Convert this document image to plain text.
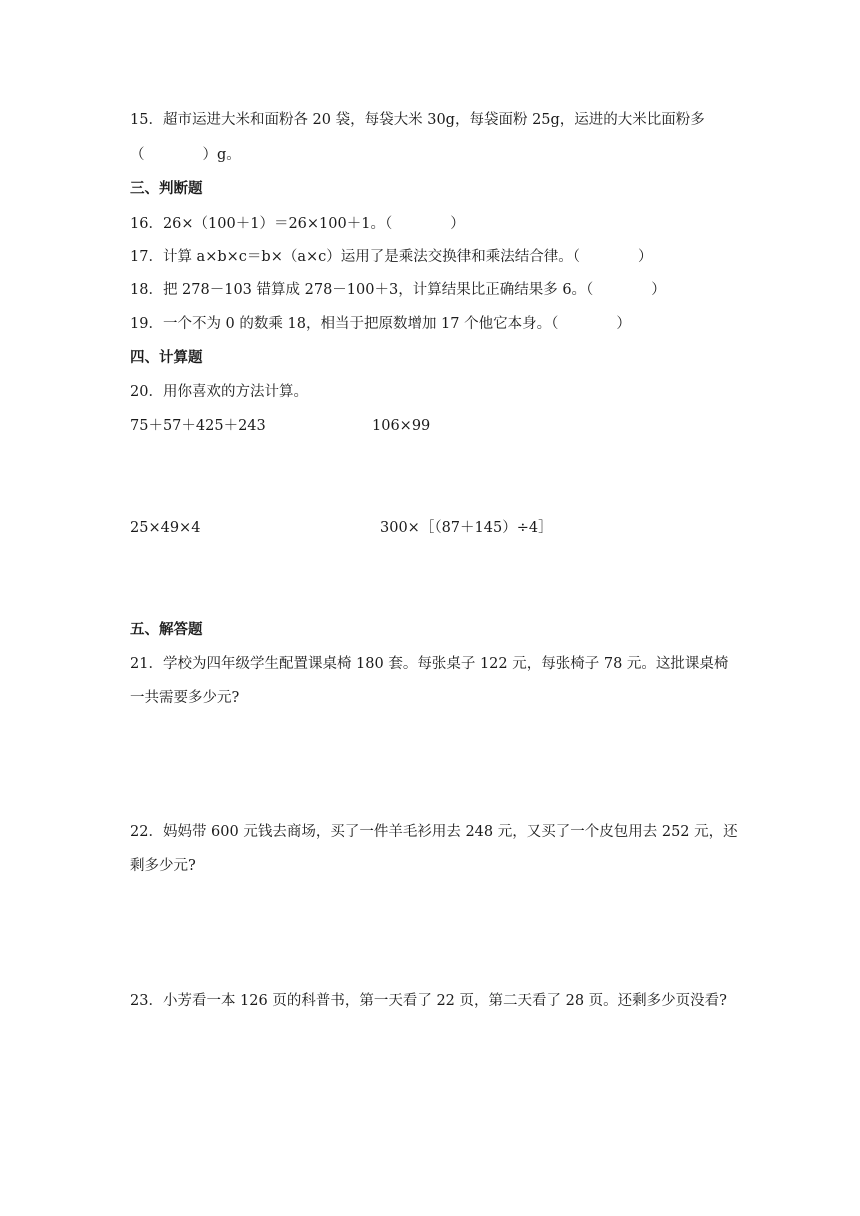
15．超市运进大米和面粉各 20 袋，每袋大米 30g，每袋面粉 25g，运进的大米比面粉多

（　　　　）g。

三、判断题

16．26×（100＋1）＝26×100＋1。（　　　　）

17．计算 a×b×c＝b×（a×c）运用了是乘法交换律和乘法结合律。（　　　　）

18．把 278－103 错算成 278－100＋3，计算结果比正确结果多 6。（　　　　）

19．一个不为 0 的数乘 18，相当于把原数增加 17 个他它本身。（　　　　）

四、计算题

20．用你喜欢的方法计算。

75＋57＋425＋243	106×99

25×49×4	300×［（87＋145）÷4］

五、解答题

21．学校为四年级学生配置课桌椅 180 套。每张桌子 122 元，每张椅子 78 元。这批课桌椅

一共需要多少元?

22．妈妈带 600 元钱去商场，买了一件羊毛衫用去 248 元，又买了一个皮包用去 252 元，还

剩多少元?

23．小芳看一本 126 页的科普书，第一天看了 22 页，第二天看了 28 页。还剩多少页没看?
